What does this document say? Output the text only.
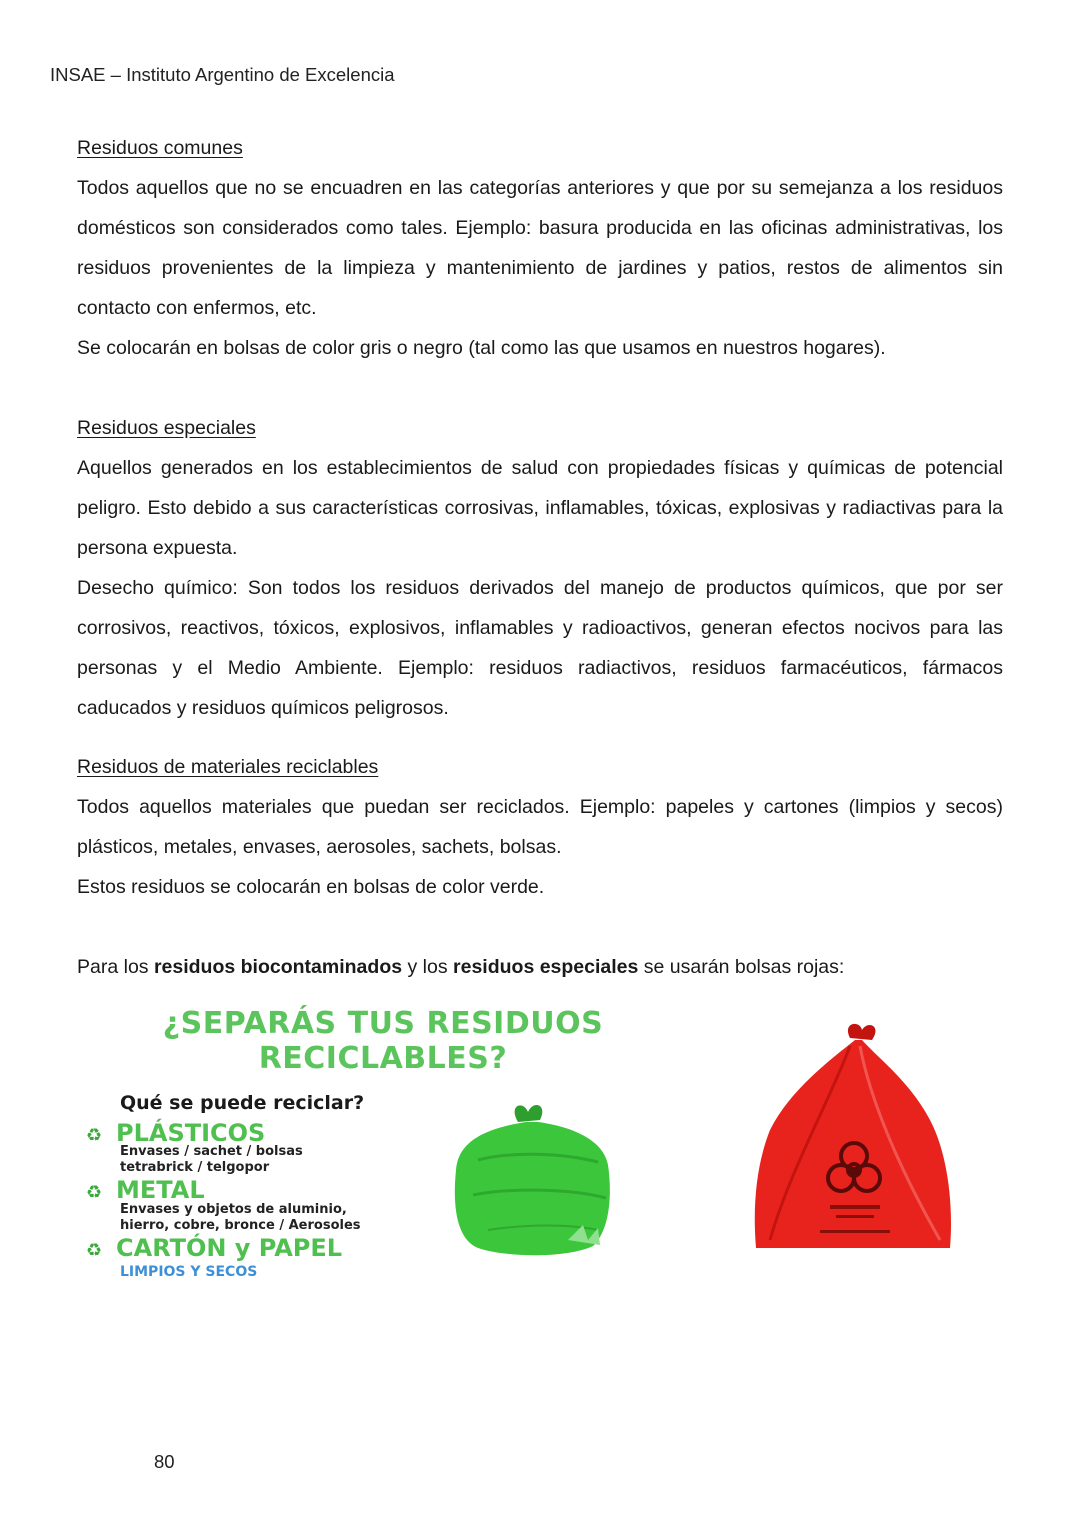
INSAE – Instituto Argentino de Excelencia
Residuos comunes
Todos aquellos que no se encuadren en las categorías anteriores y que por su semejanza a los residuos domésticos son considerados como tales. Ejemplo: basura producida en las oficinas administrativas, los residuos provenientes de la limpieza y mantenimiento de jardines y patios, restos de alimentos sin contacto con enfermos, etc.
Se colocarán en bolsas de color gris o negro (tal como las que usamos en nuestros hogares).
Residuos especiales
Aquellos generados en los establecimientos de salud con propiedades físicas y químicas de potencial peligro. Esto debido a sus características corrosivas, inflamables, tóxicas, explosivas y radiactivas para la persona expuesta.
Desecho químico: Son todos los residuos derivados del manejo de productos químicos, que por ser corrosivos, reactivos, tóxicos, explosivos, inflamables y radioactivos, generan efectos nocivos para las personas y el Medio Ambiente. Ejemplo: residuos radiactivos, residuos farmacéuticos, fármacos caducados y residuos químicos peligrosos.
Residuos de materiales reciclables
Todos aquellos materiales que puedan ser reciclados. Ejemplo: papeles y cartones (limpios y secos) plásticos, metales, envases, aerosoles, sachets, bolsas.
Estos residuos se colocarán en bolsas de color verde.
Para los residuos biocontaminados y los residuos especiales se usarán bolsas rojas:
¿SEPARÁS TUS RESIDUOS
RECICLABLES?
Qué se puede reciclar?
♻ PLÁSTICOS
Envases / sachet / bolsas
tetrabrick / telgopor
♻ METAL
Envases y objetos de aluminio,
hierro, cobre, bronce / Aerosoles
♻ CARTÓN y PAPEL
LIMPIOS Y SECOS
80
